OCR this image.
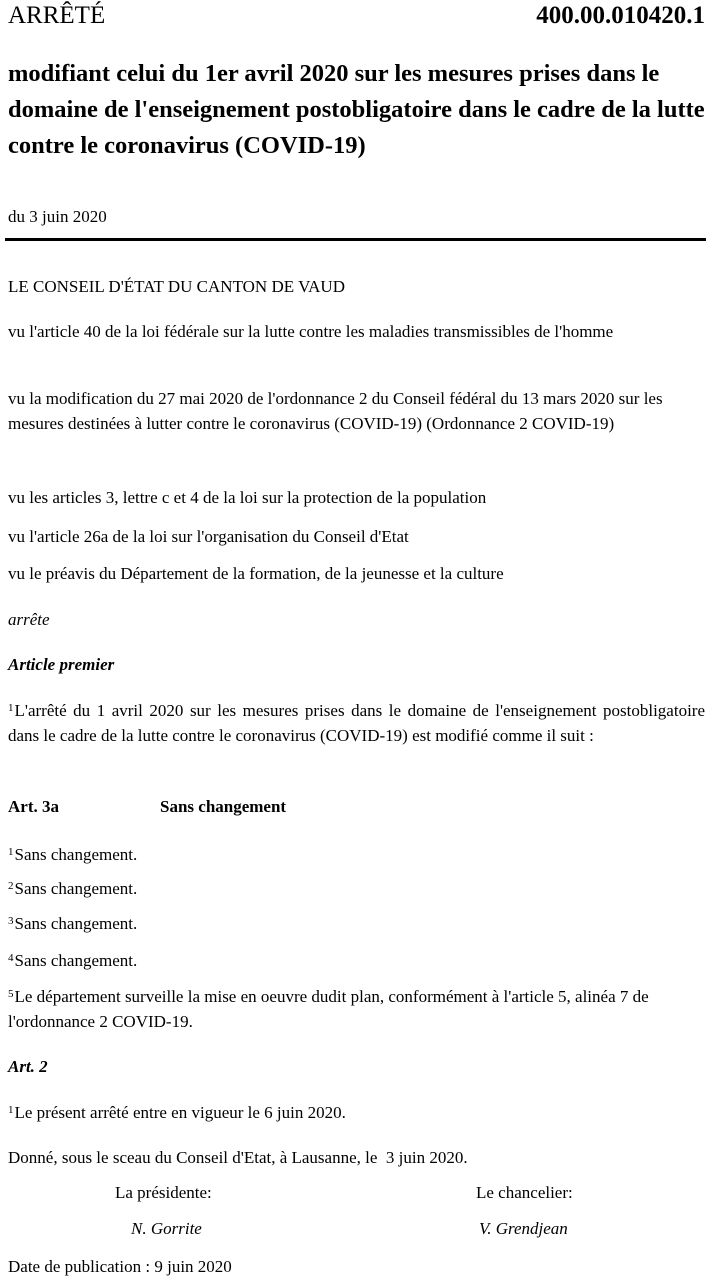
ARRÊTÉ	400.00.010420.1
modifiant celui du 1er avril 2020 sur les mesures prises dans le domaine de l'enseignement postobligatoire dans le cadre de la lutte contre le coronavirus (COVID-19)
du 3 juin 2020

LE CONSEIL D'ÉTAT DU CANTON DE VAUD

vu l'article 40 de la loi fédérale sur la lutte contre les maladies transmissibles de l'homme

vu la modification du 27 mai 2020 de l'ordonnance 2 du Conseil fédéral du 13 mars 2020 sur les mesures destinées à lutter contre le coronavirus (COVID-19) (Ordonnance 2 COVID-19)

vu les articles 3, lettre c et 4 de la loi sur la protection de la population

vu l'article 26a de la loi sur l'organisation du Conseil d'Etat

vu le préavis du Département de la formation, de la jeunesse et la culture

arrête

Article premier

$^1$L'arrêté du 1 avril 2020 sur les mesures prises dans le domaine de l'enseignement postobligatoire dans le cadre de la lutte contre le coronavirus (COVID-19) est modifié comme il suit :

Art. 3a	Sans changement

$^1$Sans changement.

$^2$Sans changement.

$^3$Sans changement.

$^4$Sans changement.

$^5$Le département surveille la mise en oeuvre dudit plan, conformément à l'article 5, alinéa 7 de l'ordonnance 2 COVID-19.

Art. 2

$^1$Le présent arrêté entre en vigueur le 6 juin 2020.

Donné, sous le sceau du Conseil d'Etat, à Lausanne, le  3 juin 2020.

La présidente:	Le chancelier:
N. Gorrite	V. Grendjean

Date de publication : 9 juin 2020
